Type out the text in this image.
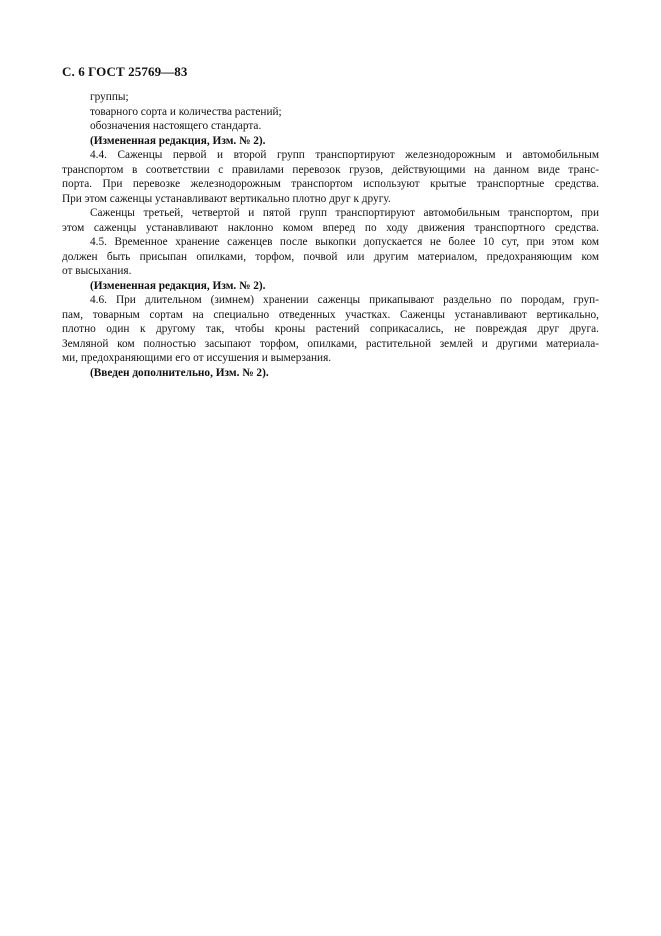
С. 6 ГОСТ 25769—83
группы;
товарного сорта и количества растений;
обозначения настоящего стандарта.
(Измененная редакция, Изм. № 2).
4.4. Саженцы первой и второй групп транспортируют железнодорожным и автомобильным
транспортом в соответствии с правилами перевозок грузов, действующими на данном виде транс-
порта. При перевозке железнодорожным транспортом используют крытые транспортные средства.
При этом саженцы устанавливают вертикально плотно друг к другу.
Саженцы третьей, четвертой и пятой групп транспортируют автомобильным транспортом, при
этом саженцы устанавливают наклонно комом вперед по ходу движения транспортного средства.
4.5. Временное хранение саженцев после выкопки допускается не более 10 сут, при этом ком
должен быть присыпан опилками, торфом, почвой или другим материалом, предохраняющим ком
от высыхания.
(Измененная редакция, Изм. № 2).
4.6. При длительном (зимнем) хранении саженцы прикапывают раздельно по породам, груп-
пам, товарным сортам на специально отведенных участках. Саженцы устанавливают вертикально,
плотно один к другому так, чтобы кроны растений соприкасались, не повреждая друг друга.
Земляной ком полностью засыпают торфом, опилками, растительной землей и другими материала-
ми, предохраняющими его от иссушения и вымерзания.
(Введен дополнительно, Изм. № 2).
